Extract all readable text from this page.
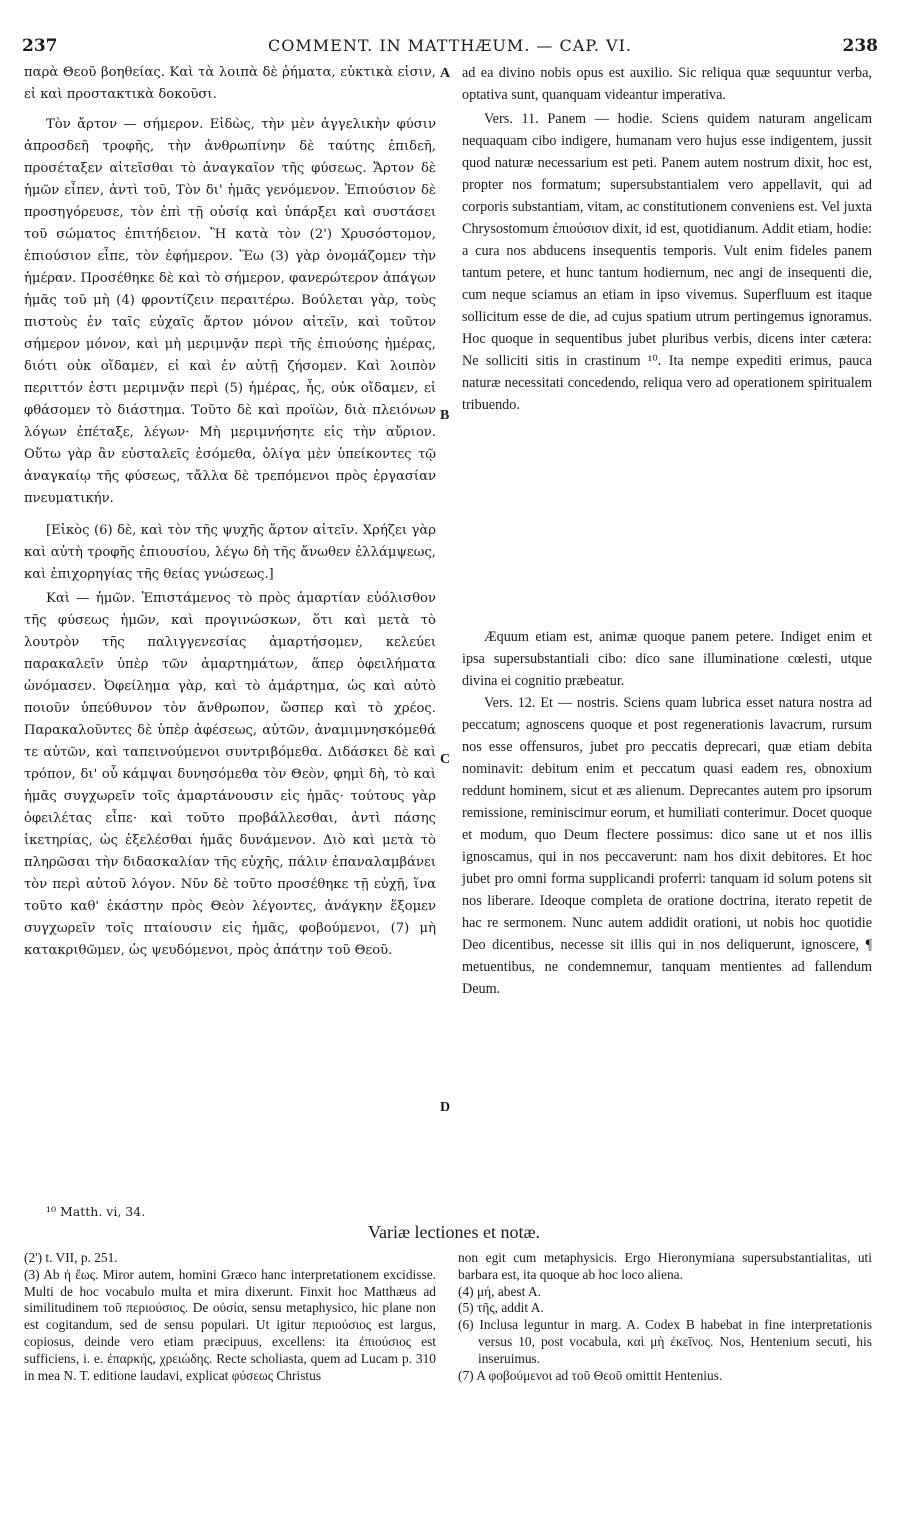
237	COMMENT. IN MATTHÆUM. — CAP. VI.	238

παρὰ Θεοῦ βοηθείας. Καὶ τὰ λοιπὰ δὲ ῥήματα, εὐκτικὰ εἰσιν, εἰ καὶ προστακτικὰ δοκοῦσι.

Τὸν ἄρτον — σήμερον. Εἰδὼς, τὴν μὲν ἀγγελικὴν φύσιν ἀπροσδεῆ τροφῆς, τὴν ἀνθρωπίνην δὲ ταύτης ἐπιδεῆ, προσέταξεν αἰτεῖσθαι τὸ ἀναγκαῖον τῆς φύσεως. Ἄρτον δὲ ἡμῶν εἶπεν, ἀντὶ τοῦ, Τὸν δι' ἡμᾶς γενόμενον. Ἐπιούσιον δὲ προσηγόρευσε, τὸν ἐπὶ τῇ οὐσίᾳ καὶ ὑπάρξει καὶ συστάσει τοῦ σώματος ἐπιτήδειον. Ἢ κατὰ τὸν (2') Χρυσόστομον, ἐπιούσιον εἶπε, τὸν ἐφήμερον. Ἕω (3) γὰρ ὀνομάζομεν τὴν ἡμέραν. Προσέθηκε δὲ καὶ τὸ σήμερον, φανερώτερον ἀπάγων ἡμᾶς τοῦ μὴ (4) φροντίζειν περαιτέρω. Βούλεται γὰρ, τοὺς πιστοὺς ἐν ταῖς εὐχαῖς ἄρτον μόνον αἰτεῖν, καὶ τοῦτον σήμερον μόνον, καὶ μὴ μεριμνᾷν περὶ τῆς ἐπιούσης ἡμέρας, διότι οὐκ οἴδαμεν, εἰ καὶ ἐν αὐτῇ ζήσομεν. Καὶ λοιπὸν περιττόν ἐστι μεριμνᾷν περὶ (5) ἡμέρας, ἧς, οὐκ οἴδαμεν, εἰ φθάσομεν τὸ διάστημα. Τοῦτο δὲ καὶ προϊὼν, διὰ πλειόνων λόγων ἐπέταξε, λέγων· Μὴ μεριμνήσητε εἰς τὴν αὔριον. Οὕτω γὰρ ἂν εὐσταλεῖς ἐσόμεθα, ὀλίγα μὲν ὑπείκοντες τῷ ἀναγκαίῳ τῆς φύσεως, τἄλλα δὲ τρεπόμενοι πρὸς ἐργασίαν πνευματικήν.

[Εἰκὸς (6) δὲ, καὶ τὸν τῆς ψυχῆς ἄρτον αἰτεῖν. Χρήζει γὰρ καὶ αὐτὴ τροφῆς ἐπιουσίου, λέγω δὴ τῆς ἄνωθεν ἐλλάμψεως, καὶ ἐπιχορηγίας τῆς θείας γνώσεως.]

Καὶ — ἡμῶν. Ἐπιστάμενος τὸ πρὸς ἁμαρτίαν εὐόλισθον τῆς φύσεως ἡμῶν, καὶ προγινώσκων, ὅτι καὶ μετὰ τὸ λουτρὸν τῆς παλιγγενεσίας ἁμαρτήσομεν, κελεύει παρακαλεῖν ὑπὲρ τῶν ἁμαρτημάτων, ἅπερ ὀφειλήματα ὠνόμασεν. Ὀφείλημα γὰρ, καὶ τὸ ἁμάρτημα, ὡς καὶ αὐτὸ ποιοῦν ὑπεύθυνον τὸν ἄνθρωπον, ὥσπερ καὶ τὸ χρέος. Παρακαλοῦντες δὲ ὑπὲρ ἀφέσεως, αὐτῶν, ἀναμιμνησκόμεθά τε αὐτῶν, καὶ ταπεινούμενοι συντριβόμεθα. Διδάσκει δὲ καὶ τρόπον, δι' οὗ κάμψαι δυνησόμεθα τὸν Θεὸν, φημὶ δὴ, τὸ καὶ ἡμᾶς συγχωρεῖν τοῖς ἁμαρτάνουσιν εἰς ἡμᾶς· τούτους γὰρ ὀφειλέτας εἶπε· καὶ τοῦτο προβάλλεσθαι, ἀντὶ πάσης ἱκετηρίας, ὡς ἐξελέσθαι ἡμᾶς δυνάμενον. Διὸ καὶ μετὰ τὸ πληρῶσαι τὴν διδασκαλίαν τῆς εὐχῆς, πάλιν ἐπαναλαμβάνει τὸν περὶ αὐτοῦ λόγον. Νῦν δὲ τοῦτο προσέθηκε τῇ εὐχῇ, ἵνα τοῦτο καθ' ἑκάστην πρὸς Θεὸν λέγοντες, ἀνάγκην ἕξομεν συγχωρεῖν τοῖς πταίουσιν εἰς ἡμᾶς, φοβούμενοι, (7) μὴ κατακριθῶμεν, ὡς ψευδόμενοι, πρὸς ἀπάτην τοῦ Θεοῦ.

ad ea divino nobis opus est auxilio. Sic reliqua quæ sequuntur verba, optativa sunt, quanquam videantur imperativa.

Vers. 11. Panem — hodie. Sciens quidem naturam angelicam nequaquam cibo indigere, humanam vero hujus esse indigentem, jussit quod naturæ necessarium est peti. Panem autem nostrum dixit, hoc est, propter nos formatum; supersubstantialem vero appellavit, qui ad corporis substantiam, vitam, ac constitutionem conveniens est. Vel juxta Chrysostomum ἐπιούσιον dixit, id est, quotidianum. Addit etiam, hodie: a cura nos abducens insequentis temporis. Vult enim fideles panem tantum petere, et hunc tantum hodiernum, nec angi de insequenti die, cum neque sciamus an etiam in ipso vivemus. Superfluum est itaque sollicitum esse de die, ad cujus spatium utrum pertingemus ignoramus. Hoc quoque in sequentibus jubet pluribus verbis, dicens inter cætera: Ne solliciti sitis in crastinum ¹⁰. Ita nempe expediti erimus, pauca naturæ necessitati concedendo, reliqua vero ad operationem spiritualem tribuendo.

Æquum etiam est, animæ quoque panem petere. Indiget enim et ipsa supersubstantiali cibo: dico sane illuminatione cœlesti, utque divina ei cognitio præbeatur.

Vers. 12. Et — nostris. Sciens quam lubrica esset natura nostra ad peccatum; agnoscens quoque et post regenerationis lavacrum, rursum nos esse offensuros, jubet pro peccatis deprecari, quæ etiam debita nominavit: debitum enim et peccatum quasi eadem res, obnoxium reddunt hominem, sicut et æs alienum. Deprecantes autem pro ipsorum remissione, reminiscimur eorum, et humiliati conterimur. Docet quoque et modum, quo Deum flectere possimus: dico sane ut et nos illis ignoscamus, qui in nos peccaverunt: nam hos dixit debitores. Et hoc jubet pro omni forma supplicandi proferri: tanquam id solum potens sit nos liberare. Ideoque completa de oratione doctrina, iterato repetit de hac re sermonem. Nunc autem addidit orationi, ut nobis hoc quotidie Deo dicentibus, necesse sit illis qui in nos deliquerunt, ignoscere, ¶ metuentibus, ne condemnemur, tanquam mentientes ad fallendum Deum.

A
B
C
D
¹⁰ Matth. vi, 34.
Variæ lectiones et notæ.

(2') t. VII, p. 251.

(3) Ab ἡ ἕως. Miror autem, homini Græco hanc interpretationem excidisse. Multi de hoc vocabulo multa et mira dixerunt. Finxit hoc Matthæus ad similitudinem τοῦ περιούσιος. De οὐσία, sensu metaphysico, hic plane non est cogitandum, sed de sensu populari. Ut igitur περιούσιος est largus, copiosus, deinde vero etiam præcipuus, excellens: ita ἐπιούσιος est sufficiens, i. e. ἐπαρκής, χρειώδης. Recte scholiasta, quem ad Lucam p. 310 in mea N. T. editione laudavi, explicat φύσεως Christus

non egit cum metaphysicis. Ergo Hieronymiana supersubstantialitas, uti barbara est, ita quoque ab hoc loco aliena.

(4) μή, abest A.

(5) τῆς, addit A.

(6) Inclusa leguntur in marg. A. Codex B habebat in fine interpretationis versus 10, post vocabula, καὶ μὴ ἐκεῖνος. Nos, Hentenium secuti, his inseruimus.

(7) A φοβούμενοι ad τοῦ Θεοῦ omittit Hentenius.
